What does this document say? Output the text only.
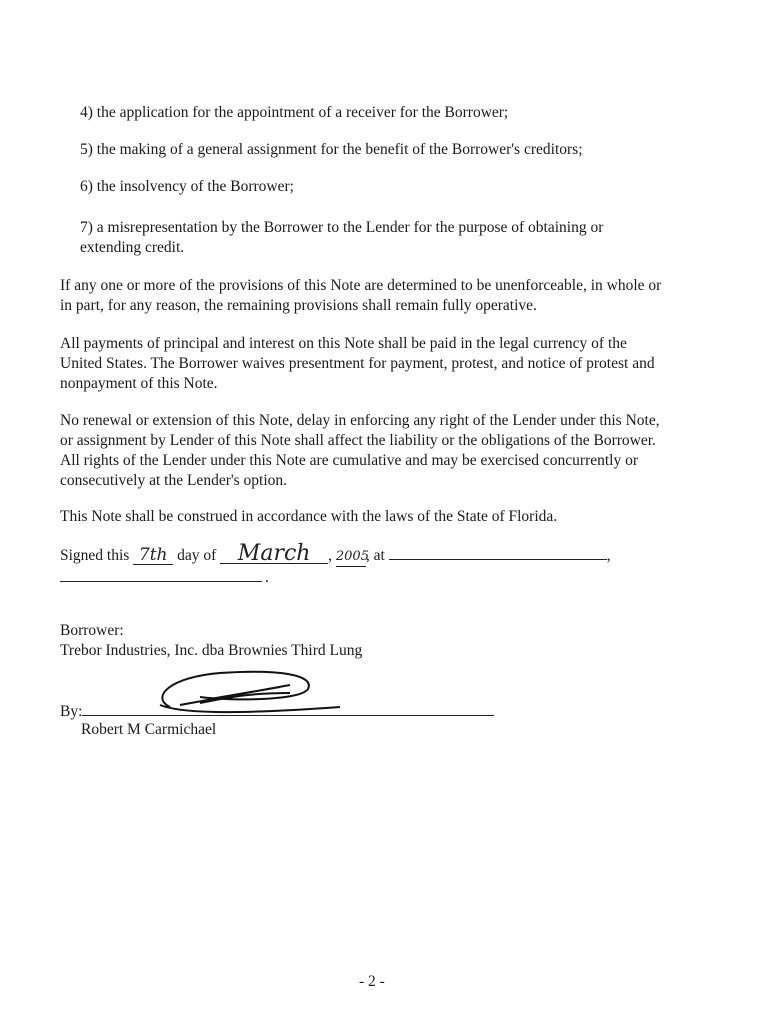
4) the application for the appointment of a receiver for the Borrower;
5) the making of a general assignment for the benefit of the Borrower's creditors;
6) the insolvency of the Borrower;
7) a misrepresentation by the Borrower to the Lender for the purpose of obtaining or
extending credit.
If any one or more of the provisions of this Note are determined to be unenforceable, in whole or
in part, for any reason, the remaining provisions shall remain fully operative.
All payments of principal and interest on this Note shall be paid in the legal currency of the
United States. The Borrower waives presentment for payment, protest, and notice of protest and
nonpayment of this Note.
No renewal or extension of this Note, delay in enforcing any right of the Lender under this Note,
or assignment by Lender of this Note shall affect the liability or the obligations of the Borrower.
All rights of the Lender under this Note are cumulative and may be exercised concurrently or
consecutively at the Lender's option.
This Note shall be construed in accordance with the laws of the State of Florida.
Signed this 7th day of March , 2005, at	,
.
Borrower:
Trebor Industries, Inc. dba Brownies Third Lung
By:
Robert M Carmichael
- 2 -
